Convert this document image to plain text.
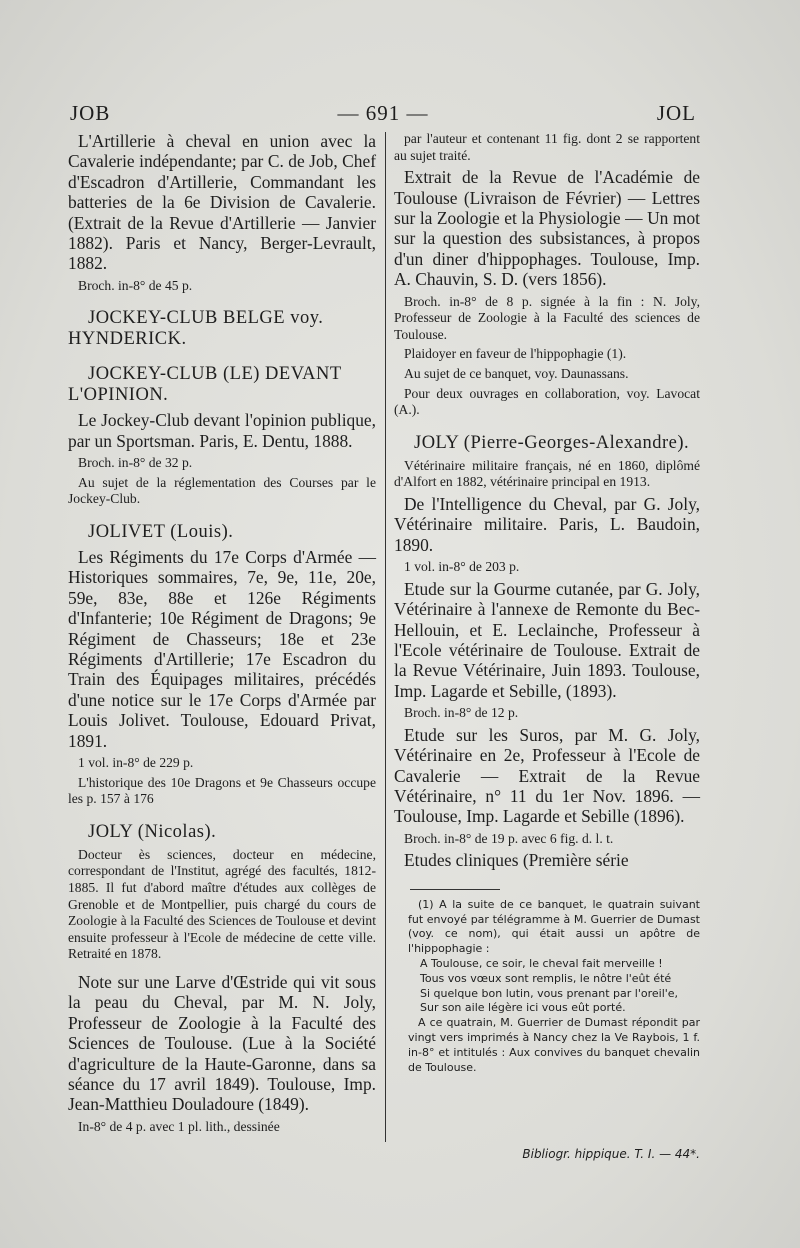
JOB	— 691 —	JOL

L'Artillerie à cheval en union avec la Cavalerie indépendante; par C. de Job, Chef d'Escadron d'Artillerie, Commandant les batteries de la 6e Division de Cavalerie. (Extrait de la Revue d'Artillerie — Janvier 1882). Paris et Nancy, Berger-Levrault, 1882.

Broch. in-8° de 45 p.

JOCKEY-CLUB BELGE voy. HYNDERICK.

JOCKEY-CLUB (LE) DEVANT L'OPINION.

Le Jockey-Club devant l'opinion publique, par un Sportsman. Paris, E. Dentu, 1888.

Broch. in-8° de 32 p.

Au sujet de la réglementation des Courses par le Jockey-Club.

JOLIVET (Louis).

Les Régiments du 17e Corps d'Armée — Historiques sommaires, 7e, 9e, 11e, 20e, 59e, 83e, 88e et 126e Régiments d'Infanterie; 10e Régiment de Dragons; 9e Régiment de Chasseurs; 18e et 23e Régiments d'Artillerie; 17e Escadron du Train des Équipages militaires, précédés d'une notice sur le 17e Corps d'Armée par Louis Jolivet. Toulouse, Edouard Privat, 1891.

1 vol. in-8° de 229 p.

L'historique des 10e Dragons et 9e Chasseurs occupe les p. 157 à 176

JOLY (Nicolas).

Docteur ès sciences, docteur en médecine, correspondant de l'Institut, agrégé des facultés, 1812-1885. Il fut d'abord maître d'études aux collèges de Grenoble et de Montpellier, puis chargé du cours de Zoologie à la Faculté des Sciences de Toulouse et devint ensuite professeur à l'Ecole de médecine de cette ville. Retraité en 1878.

Note sur une Larve d'Œstride qui vit sous la peau du Cheval, par M. N. Joly, Professeur de Zoologie à la Faculté des Sciences de Toulouse. (Lue à la Société d'agriculture de la Haute-Garonne, dans sa séance du 17 avril 1849). Toulouse, Imp. Jean-Matthieu Douladoure (1849).

In-8° de 4 p. avec 1 pl. lith., dessinée

par l'auteur et contenant 11 fig. dont 2 se rapportent au sujet traité.

Extrait de la Revue de l'Académie de Toulouse (Livraison de Février) — Lettres sur la Zoologie et la Physiologie — Un mot sur la question des subsistances, à propos d'un diner d'hippophages. Toulouse, Imp. A. Chauvin, S. D. (vers 1856).

Broch. in-8° de 8 p. signée à la fin : N. Joly, Professeur de Zoologie à la Faculté des sciences de Toulouse.

Plaidoyer en faveur de l'hippophagie (1).

Au sujet de ce banquet, voy. Daunassans.

Pour deux ouvrages en collaboration, voy. Lavocat (A.).

JOLY (Pierre-Georges-Alexandre).

Vétérinaire militaire français, né en 1860, diplômé d'Alfort en 1882, vétérinaire principal en 1913.

De l'Intelligence du Cheval, par G. Joly, Vétérinaire militaire. Paris, L. Baudoin, 1890.

1 vol. in-8° de 203 p.

Etude sur la Gourme cutanée, par G. Joly, Vétérinaire à l'annexe de Remonte du Bec-Hellouin, et E. Leclainche, Professeur à l'Ecole vétérinaire de Toulouse. Extrait de la Revue Vétérinaire, Juin 1893. Toulouse, Imp. Lagarde et Sebille, (1893).

Broch. in-8° de 12 p.

Etude sur les Suros, par M. G. Joly, Vétérinaire en 2e, Professeur à l'Ecole de Cavalerie — Extrait de la Revue Vétérinaire, n° 11 du 1er Nov. 1896. — Toulouse, Imp. Lagarde et Sebille (1896).

Broch. in-8° de 19 p. avec 6 fig. d. l. t.

Etudes cliniques (Première série

(1) A la suite de ce banquet, le quatrain suivant fut envoyé par télégramme à M. Guerrier de Dumast (voy. ce nom), qui était aussi un apôtre de l'hippophagie :

A Toulouse, ce soir, le cheval fait merveille !

Tous vos vœux sont remplis, le nôtre l'eût été

Si quelque bon lutin, vous prenant par l'oreil'e,

Sur son aile légère ici vous eût porté.

A ce quatrain, M. Guerrier de Dumast répondit par vingt vers imprimés à Nancy chez la Ve Raybois, 1 f. in-8° et intitulés : Aux convives du banquet chevalin de Toulouse.

Bibliogr. hippique. T. I. — 44*.
